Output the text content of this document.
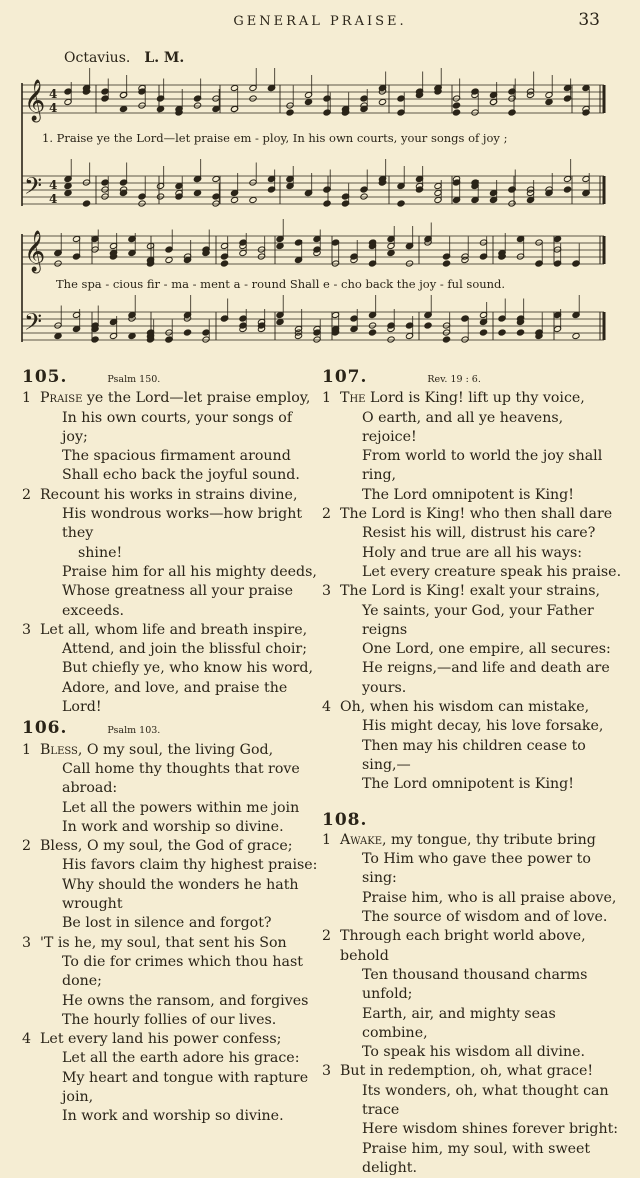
GENERAL PRAISE.	33
Octavius. L. M.
𝄞
𝄢
4
4
4
4
𝄞
𝄢
1. Praise ye the Lord—let praise em - ploy, In his own courts, your songs of joy ;
The spa - cious fir - ma - ment a - round Shall e - cho back the joy - ful sound.
105.	Psalm 150.
1 Praise ye the Lord—let praise employ,
In his own courts, your songs of joy;
The spacious firmament around
Shall echo back the joyful sound.
2 Recount his works in strains divine,
His wondrous works—how bright they
shine!
Praise him for all his mighty deeds,
Whose greatness all your praise exceeds.
3 Let all, whom life and breath inspire,
Attend, and join the blissful choir;
But chiefly ye, who know his word,
Adore, and love, and praise the Lord!
106.	Psalm 103.
1 Bless, O my soul, the living God,
Call home thy thoughts that rove abroad:
Let all the powers within me join
In work and worship so divine.
2 Bless, O my soul, the God of grace;
His favors claim thy highest praise:
Why should the wonders he hath wrought
Be lost in silence and forgot?
3 'T is he, my soul, that sent his Son
To die for crimes which thou hast done;
He owns the ransom, and forgives
The hourly follies of our lives.
4 Let every land his power confess;
Let all the earth adore his grace:
My heart and tongue with rapture join,
In work and worship so divine.
107.	Rev. 19 : 6.
1 The Lord is King! lift up thy voice,
O earth, and all ye heavens, rejoice!
From world to world the joy shall ring,
The Lord omnipotent is King!
2 The Lord is King! who then shall dare
Resist his will, distrust his care?
Holy and true are all his ways:
Let every creature speak his praise.
3 The Lord is King! exalt your strains,
Ye saints, your God, your Father reigns
One Lord, one empire, all secures:
He reigns,—and life and death are yours.
4 Oh, when his wisdom can mistake,
His might decay, his love forsake,
Then may his children cease to sing,—
The Lord omnipotent is King!
108.
1 Awake, my tongue, thy tribute bring
To Him who gave thee power to sing:
Praise him, who is all praise above,
The source of wisdom and of love.
2 Through each bright world above, behold
Ten thousand thousand charms unfold;
Earth, air, and mighty seas combine,
To speak his wisdom all divine.
3 But in redemption, oh, what grace!
Its wonders, oh, what thought can trace
Here wisdom shines forever bright:
Praise him, my soul, with sweet delight.
